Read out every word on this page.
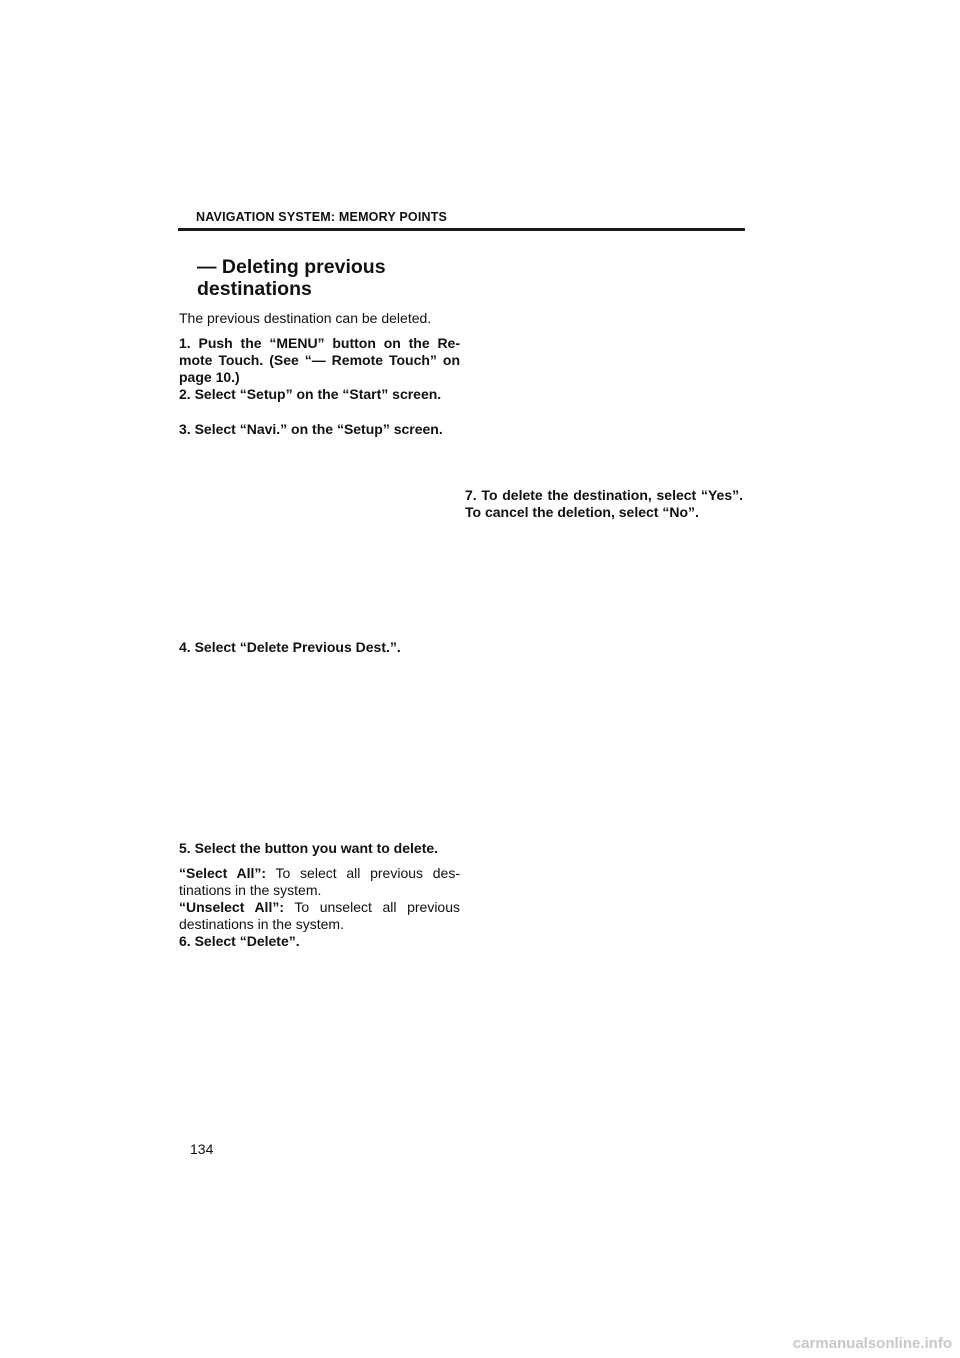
NAVIGATION SYSTEM: MEMORY POINTS
— Deleting previous
destinations
The previous destination can be deleted.
1. Push the “MENU” button on the Re-mote Touch. (See “— Remote Touch” on page 10.)
2. Select “Setup” on the “Start” screen.
3. Select “Navi.” on the “Setup” screen.
4. Select “Delete Previous Dest.”.
5. Select the button you want to delete.
“Select All”: To select all previous des-tinations in the system.
“Unselect All”: To unselect all previous destinations in the system.
6. Select “Delete”.
7. To delete the destination, select “Yes”. To cancel the deletion, select “No”.
134
carmanualsonline.info
